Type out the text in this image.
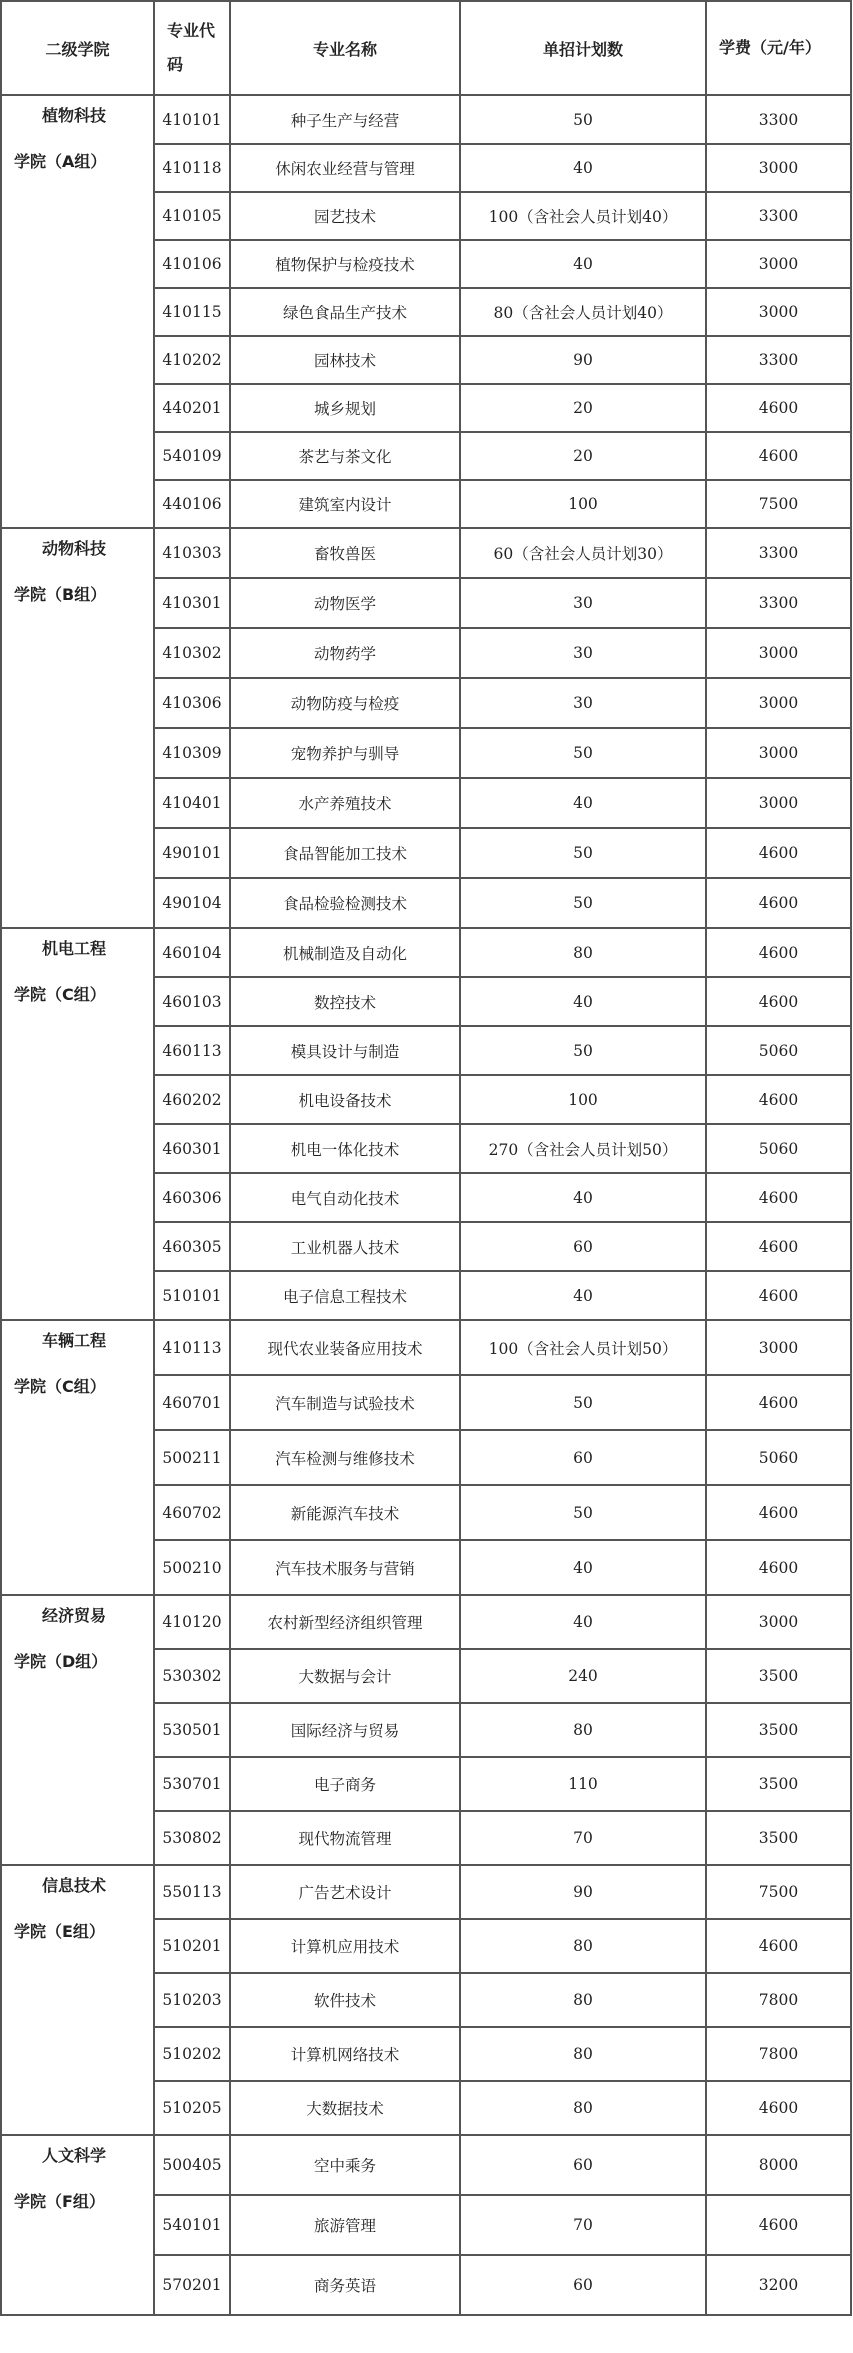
二级学院	专业代码	专业名称	单招计划数	学费（元/年）

植物科技
学院（A组）	410101	种子生产与经营	50	3300
	410118	休闲农业经营与管理	40	3000
	410105	园艺技术	100（含社会人员计划40）	3300
	410106	植物保护与检疫技术	40	3000
	410115	绿色食品生产技术	80（含社会人员计划40）	3000
	410202	园林技术	90	3300
	440201	城乡规划	20	4600
	540109	茶艺与茶文化	20	4600
	440106	建筑室内设计	100	7500

动物科技
学院（B组）	410303	畜牧兽医	60（含社会人员计划30）	3300
	410301	动物医学	30	3300
	410302	动物药学	30	3000
	410306	动物防疫与检疫	30	3000
	410309	宠物养护与驯导	50	3000
	410401	水产养殖技术	40	3000
	490101	食品智能加工技术	50	4600
	490104	食品检验检测技术	50	4600

机电工程
学院（C组）	460104	机械制造及自动化	80	4600
	460103	数控技术	40	4600
	460113	模具设计与制造	50	5060
	460202	机电设备技术	100	4600
	460301	机电一体化技术	270（含社会人员计划50）	5060
	460306	电气自动化技术	40	4600
	460305	工业机器人技术	60	4600
	510101	电子信息工程技术	40	4600

车辆工程
学院（C组）	410113	现代农业装备应用技术	100（含社会人员计划50）	3000
	460701	汽车制造与试验技术	50	4600
	500211	汽车检测与维修技术	60	5060
	460702	新能源汽车技术	50	4600
	500210	汽车技术服务与营销	40	4600

经济贸易
学院（D组）	410120	农村新型经济组织管理	40	3000
	530302	大数据与会计	240	3500
	530501	国际经济与贸易	80	3500
	530701	电子商务	110	3500
	530802	现代物流管理	70	3500

信息技术
学院（E组）	550113	广告艺术设计	90	7500
	510201	计算机应用技术	80	4600
	510203	软件技术	80	7800
	510202	计算机网络技术	80	7800
	510205	大数据技术	80	4600

人文科学
学院（F组）	500405	空中乘务	60	8000
	540101	旅游管理	70	4600
	570201	商务英语	60	3200
